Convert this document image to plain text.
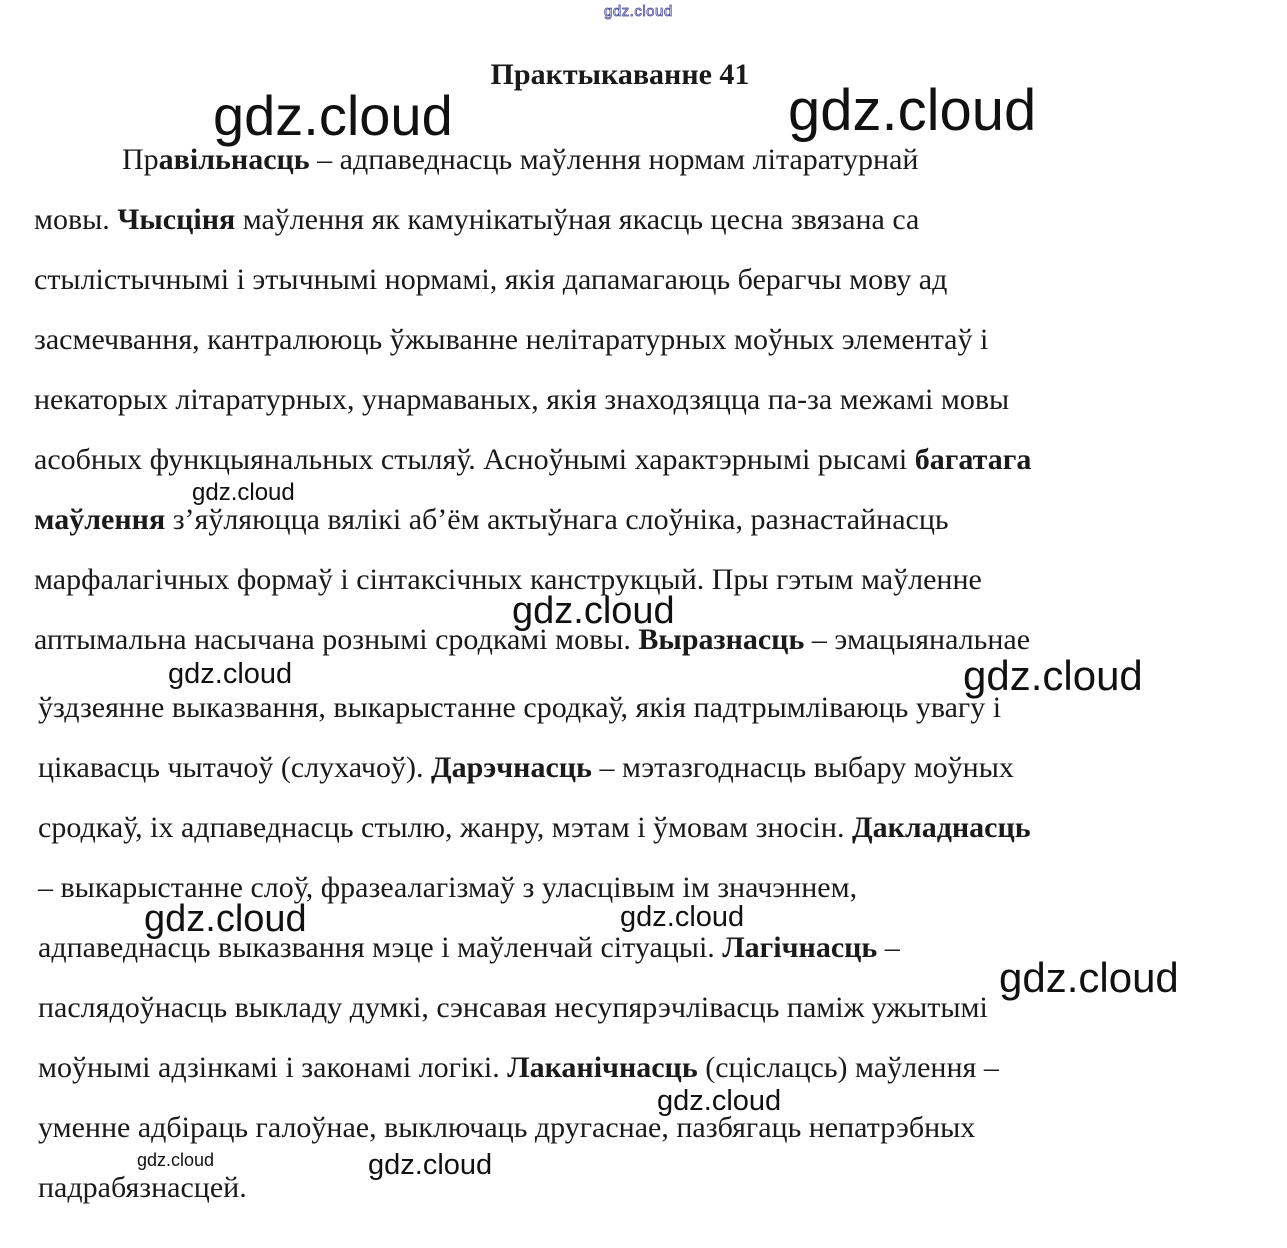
gdz.cloud
Практыкаванне 41
Правільнасць – адпаведнасць маўлення нормам літаратурнай
мовы. Чысціня маўлення як камунікатыўная якасць цесна звязана са
стылістычнымі і этычнымі нормамі, якія дапамагаюць берагчы мову ад
засмечвання, кантралююць ўжыванне нелітаратурных моўных элементаў і
некаторых літаратурных, унармаваных, якія знаходзяцца па-за межамі мовы
асобных функцыянальных стыляў. Асноўнымі характэрнымі рысамі багатага
маўлення з’яўляюцца вялікі аб’ём актыўнага слоўніка, разнастайнасць
марфалагічных формаў і сінтаксічных канструкцый. Пры гэтым маўленне
аптымальна насычана рознымі сродкамі мовы. Выразнасць – эмацыянальнае
ўздзеянне выказвання, выкарыстанне сродкаў, якія падтрымліваюць увагу і
цікавасць чытачоў (слухачоў). Дарэчнасць – мэтазгоднасць выбару моўных
сродкаў, іх адпаведнасць стылю, жанру, мэтам і ўмовам зносін. Дакладнасць
– выкарыстанне слоў, фразеалагізмаў з уласцівым ім значэннем,
адпаведнасць выказвання мэце і маўленчай сітуацыі. Лагічнасць –
паслядоўнасць выкладу думкі, сэнсавая несупярэчлівасць паміж ужытымі
моўнымі адзінкамі і законамі логікі. Лаканічнасць (сціслацсь) маўлення –
уменне адбіраць галоўнае, выключаць другаснае, пазбягаць непатрэбных
падрабязнасцей.
gdz.cloud	gdz.cloud
gdz.cloud
gdz.cloud
gdz.cloud	gdz.cloud
gdz.cloud	gdz.cloud
gdz.cloud
gdz.cloud
gdz.cloud	gdz.cloud
